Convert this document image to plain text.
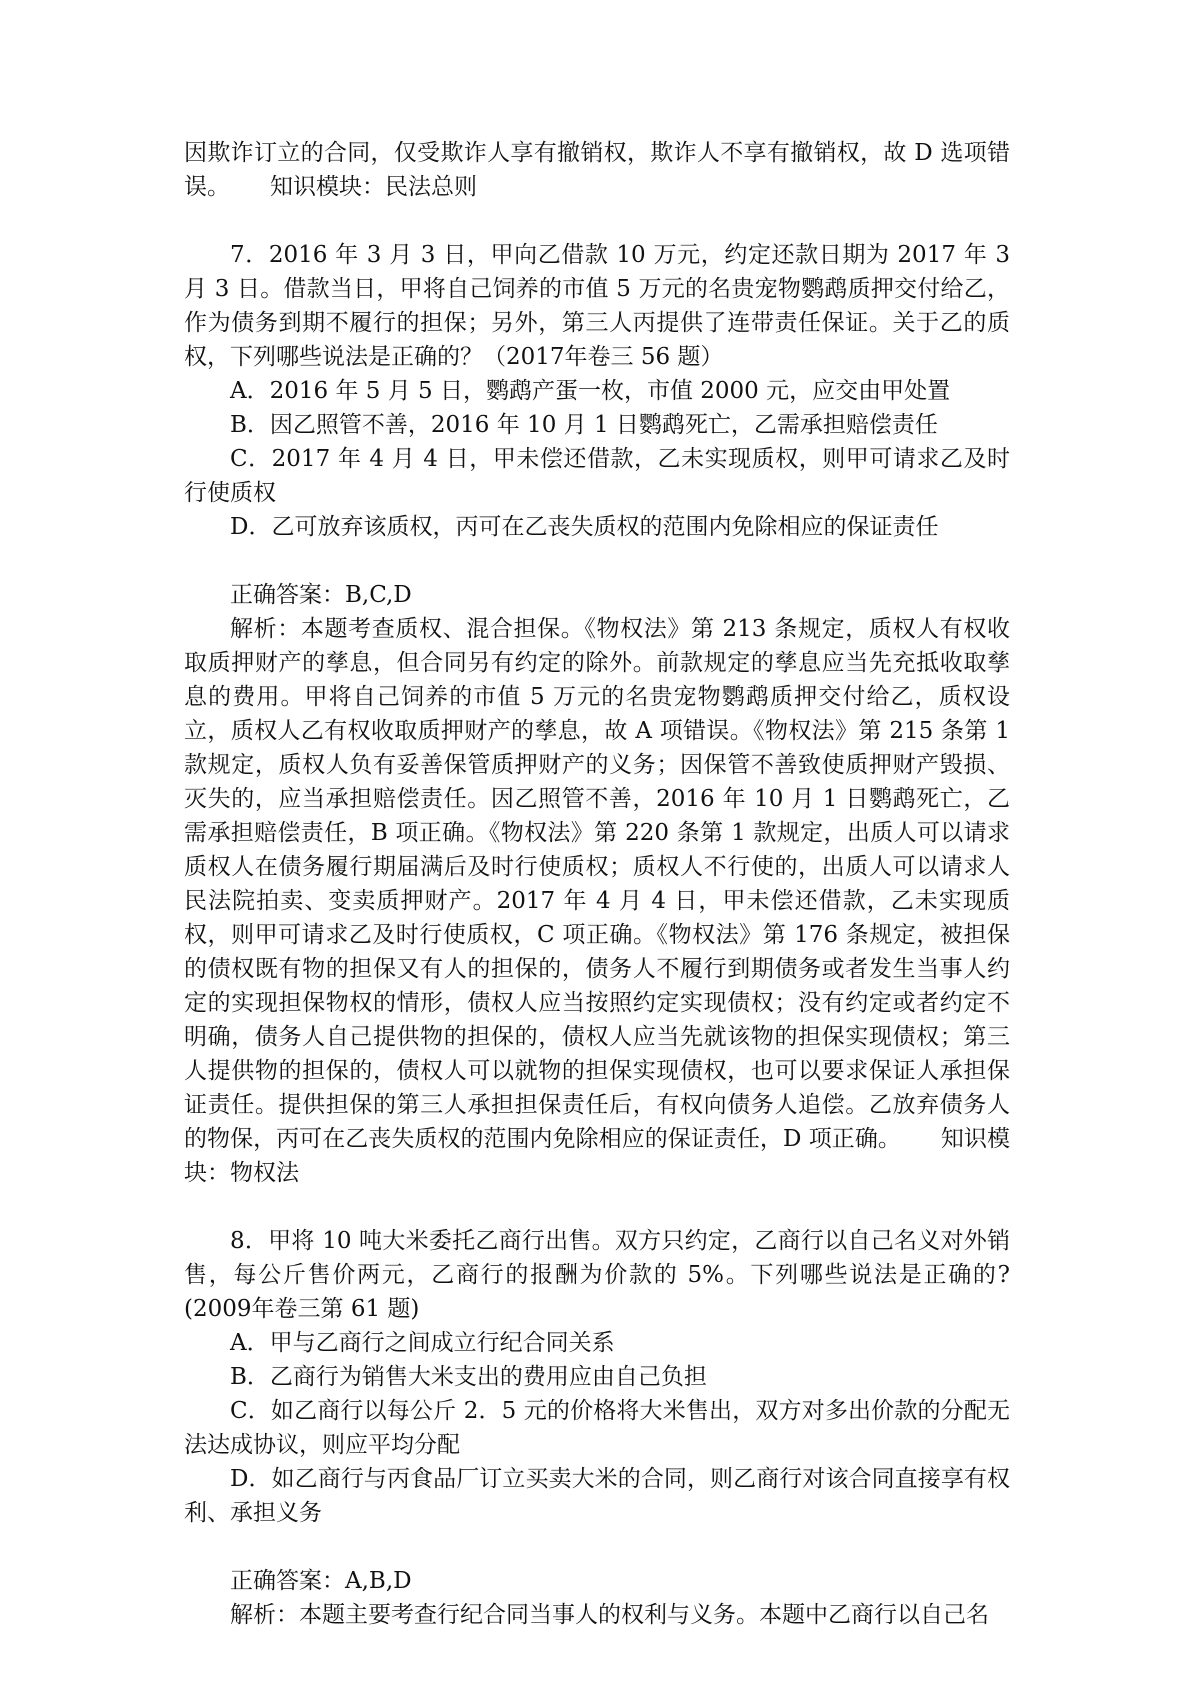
因欺诈订立的合同，仅受欺诈人享有撤销权，欺诈人不享有撤销权，故 D 选项错误。 知识模块：民法总则

7．2016 年 3 月 3 日，甲向乙借款 10 万元，约定还款日期为 2017 年 3 月 3 日。借款当日，甲将自己饲养的市值 5 万元的名贵宠物鹦鹉质押交付给乙，作为债务到期不履行的担保；另外，第三人丙提供了连带责任保证。关于乙的质权，下列哪些说法是正确的？（2017年卷三 56 题）

A．2016 年 5 月 5 日，鹦鹉产蛋一枚，市值 2000 元，应交由甲处置

B．因乙照管不善，2016 年 10 月 1 日鹦鹉死亡，乙需承担赔偿责任

C．2017 年 4 月 4 日，甲未偿还借款，乙未实现质权，则甲可请求乙及时行使质权

D．乙可放弃该质权，丙可在乙丧失质权的范围内免除相应的保证责任

正确答案：B,C,D

解析：本题考查质权、混合担保。《物权法》第 213 条规定，质权人有权收取质押财产的孳息，但合同另有约定的除外。前款规定的孳息应当先充抵收取孳息的费用。甲将自己饲养的市值 5 万元的名贵宠物鹦鹉质押交付给乙，质权设立，质权人乙有权收取质押财产的孳息，故 A 项错误。《物权法》第 215 条第 1 款规定，质权人负有妥善保管质押财产的义务；因保管不善致使质押财产毁损、灭失的，应当承担赔偿责任。因乙照管不善，2016 年 10 月 1 日鹦鹉死亡，乙需承担赔偿责任，B 项正确。《物权法》第 220 条第 1 款规定，出质人可以请求质权人在债务履行期届满后及时行使质权；质权人不行使的，出质人可以请求人民法院拍卖、变卖质押财产。2017 年 4 月 4 日，甲未偿还借款，乙未实现质权，则甲可请求乙及时行使质权，C 项正确。《物权法》第 176 条规定，被担保的债权既有物的担保又有人的担保的，债务人不履行到期债务或者发生当事人约定的实现担保物权的情形，债权人应当按照约定实现债权；没有约定或者约定不明确，债务人自己提供物的担保的，债权人应当先就该物的担保实现债权；第三人提供物的担保的，债权人可以就物的担保实现债权，也可以要求保证人承担保证责任。提供担保的第三人承担担保责任后，有权向债务人追偿。乙放弃债务人的物保，丙可在乙丧失质权的范围内免除相应的保证责任，D 项正确。 知识模块：物权法

8．甲将 10 吨大米委托乙商行出售。双方只约定，乙商行以自己名义对外销售，每公斤售价两元，乙商行的报酬为价款的 5%。下列哪些说法是正确的?(2009年卷三第 61 题)

A．甲与乙商行之间成立行纪合同关系

B．乙商行为销售大米支出的费用应由自己负担

C．如乙商行以每公斤 2．5 元的价格将大米售出，双方对多出价款的分配无法达成协议，则应平均分配

D．如乙商行与丙食品厂订立买卖大米的合同，则乙商行对该合同直接享有权利、承担义务

正确答案：A,B,D

解析：本题主要考查行纪合同当事人的权利与义务。本题中乙商行以自己名
